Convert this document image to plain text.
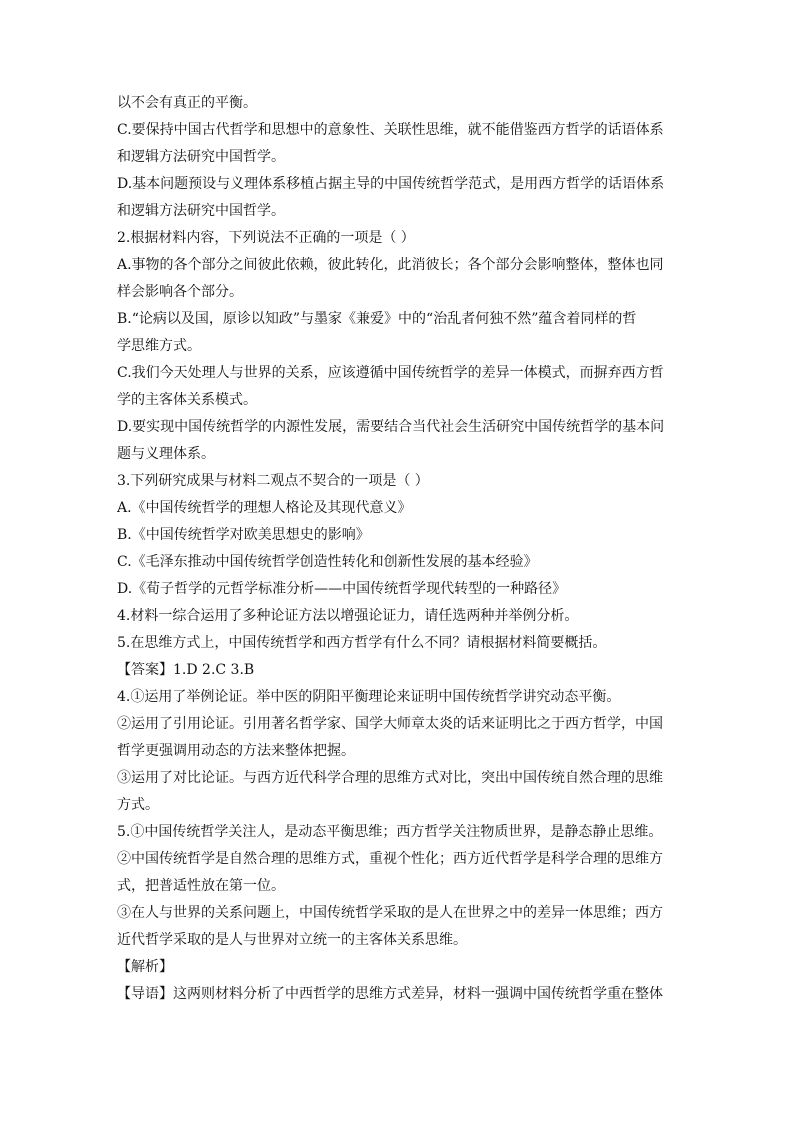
以不会有真正的平衡。
C.要保持中国古代哲学和思想中的意象性、关联性思维，就不能借鉴西方哲学的话语体系
和逻辑方法研究中国哲学。
D.基本问题预设与义理体系移植占据主导的中国传统哲学范式，是用西方哲学的话语体系
和逻辑方法研究中国哲学。
2.根据材料内容，下列说法不正确的一项是（ ）
A.事物的各个部分之间彼此依赖，彼此转化，此消彼长；各个部分会影响整体，整体也同
样会影响各个部分。
B.“论病以及国，原诊以知政”与墨家《兼爱》中的“治乱者何独不然”蕴含着同样的哲
学思维方式。
C.我们今天处理人与世界的关系，应该遵循中国传统哲学的差异一体模式，而摒弃西方哲
学的主客体关系模式。
D.要实现中国传统哲学的内源性发展，需要结合当代社会生活研究中国传统哲学的基本问
题与义理体系。
3.下列研究成果与材料二观点不契合的一项是（ ）
A.《中国传统哲学的理想人格论及其现代意义》
B.《中国传统哲学对欧美思想史的影响》
C.《毛泽东推动中国传统哲学创造性转化和创新性发展的基本经验》
D.《荀子哲学的元哲学标准分析——中国传统哲学现代转型的一种路径》
4.材料一综合运用了多种论证方法以增强论证力，请任选两种并举例分析。
5.在思维方式上，中国传统哲学和西方哲学有什么不同？请根据材料简要概括。
【答案】1.D 2.C 3.B
4.①运用了举例论证。举中医的阴阳平衡理论来证明中国传统哲学讲究动态平衡。
②运用了引用论证。引用著名哲学家、国学大师章太炎的话来证明比之于西方哲学，中国
哲学更强调用动态的方法来整体把握。
③运用了对比论证。与西方近代科学合理的思维方式对比，突出中国传统自然合理的思维
方式。
5.①中国传统哲学关注人，是动态平衡思维；西方哲学关注物质世界，是静态静止思维。
②中国传统哲学是自然合理的思维方式，重视个性化；西方近代哲学是科学合理的思维方
式，把普适性放在第一位。
③在人与世界的关系问题上，中国传统哲学采取的是人在世界之中的差异一体思维；西方
近代哲学采取的是人与世界对立统一的主客体关系思维。
【解析】
【导语】这两则材料分析了中西哲学的思维方式差异，材料一强调中国传统哲学重在整体
